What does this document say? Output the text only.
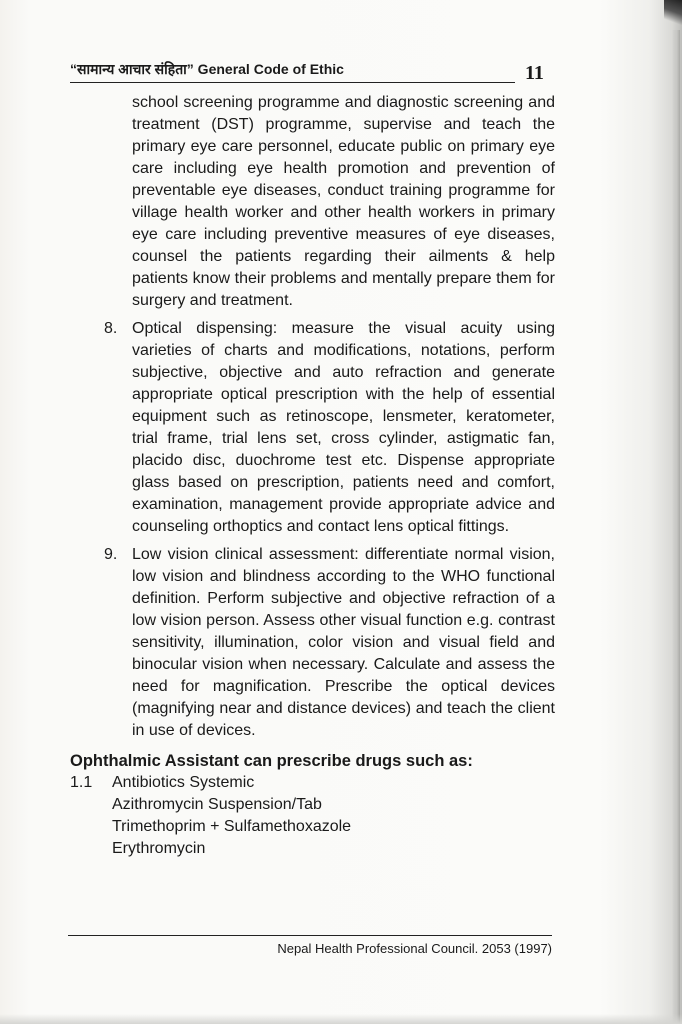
“सामान्य आचार संहिता” General Code of Ethic	11

school screening programme and diagnostic screening and treatment (DST) programme, supervise and teach the primary eye care personnel, educate public on primary eye care including eye health promotion and prevention of preventable eye diseases, conduct training programme for village health worker and other health workers in primary eye care including preventive measures of eye diseases, counsel the patients regarding their ailments & help patients know their problems and mentally prepare them for surgery and treatment.

8. Optical dispensing: measure the visual acuity using varieties of charts and modifications, notations, perform subjective, objective and auto refraction and generate appropriate optical prescription with the help of essential equipment such as retinoscope, lensmeter, keratometer, trial frame, trial lens set, cross cylinder, astigmatic fan, placido disc, duochrome test etc. Dispense appropriate glass based on prescription, patients need and comfort, examination, management provide appropriate advice and counseling orthoptics and contact lens optical fittings.
9. Low vision clinical assessment: differentiate normal vision, low vision and blindness according to the WHO functional definition. Perform subjective and objective refraction of a low vision person. Assess other visual function e.g. contrast sensitivity, illumination, color vision and visual field and binocular vision when necessary. Calculate and assess the need for magnification. Prescribe the optical devices (magnifying near and distance devices) and teach the client in use of devices.
Ophthalmic Assistant can prescribe drugs such as:
1.1 Antibiotics Systemic
Azithromycin Suspension/Tab
Trimethoprim + Sulfamethoxazole
Erythromycin
Nepal Health Professional Council. 2053 (1997)
